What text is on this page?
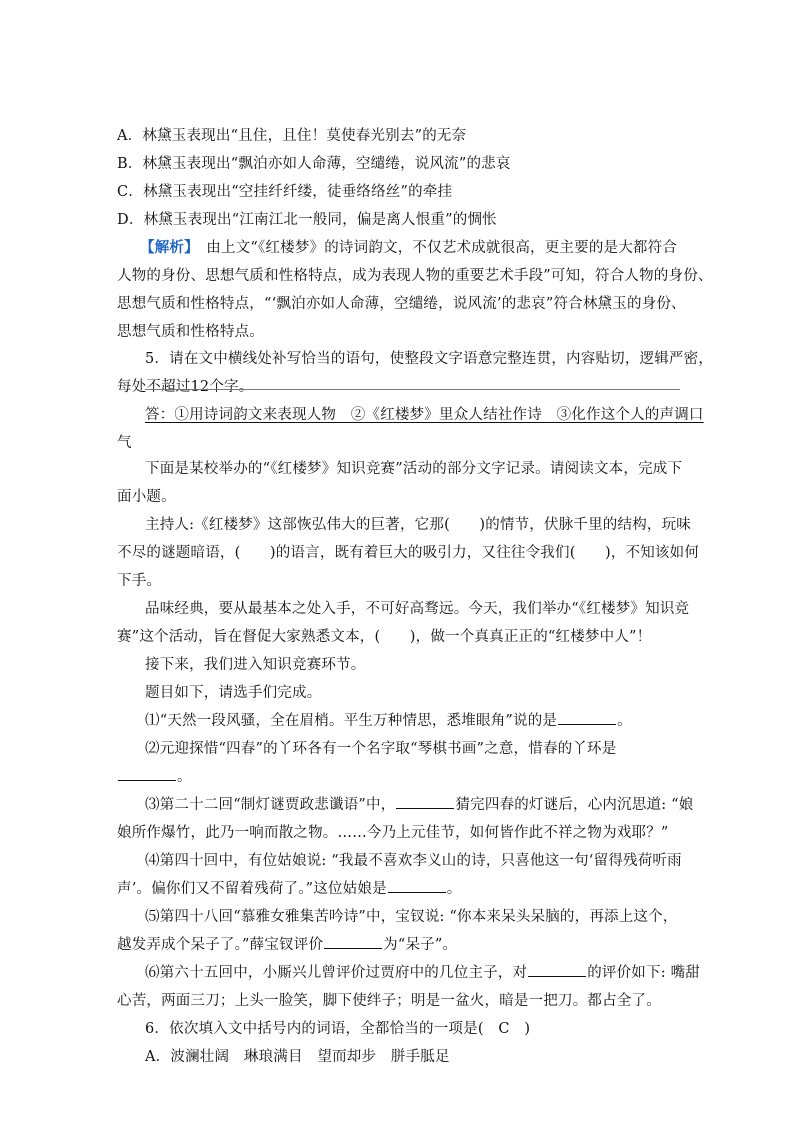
A．林黛玉表现出“且住，且住！莫使春光别去”的无奈
B．林黛玉表现出“飘泊亦如人命薄，空缱绻，说风流”的悲哀
C．林黛玉表现出“空挂纤纤缕，徒垂络络丝”的牵挂
D．林黛玉表现出“江南江北一般同，偏是离人恨重”的惆怅
【解析】　由上文“《红楼梦》的诗词韵文，不仅艺术成就很高，更主要的是大都符合
人物的身份、思想气质和性格特点，成为表现人物的重要艺术手段”可知，符合人物的身份、
思想气质和性格特点，“‘飘泊亦如人命薄，空缱绻，说风流’的悲哀”符合林黛玉的身份、
思想气质和性格特点。
5．请在文中横线处补写恰当的语句，使整段文字语意完整连贯，内容贴切，逻辑严密，
每处不超过12个字。
答：①用诗词韵文来表现人物　②《红楼梦》里众人结社作诗　③化作这个人的声调口
气
下面是某校举办的“《红楼梦》知识竞赛”活动的部分文字记录。请阅读文本，完成下
面小题。
主持人:《红楼梦》这部恢弘伟大的巨著，它那(　　)的情节，伏脉千里的结构，玩味
不尽的谜题暗语，(　　)的语言，既有着巨大的吸引力，又往往令我们(　　)，不知该如何
下手。
品味经典，要从最基本之处入手，不可好高骛远。今天，我们举办“《红楼梦》知识竞
赛”这个活动，旨在督促大家熟悉文本，(　　)，做一个真真正正的“红楼梦中人”！
接下来，我们进入知识竞赛环节。
题目如下，请选手们完成。
⑴“天然一段风骚，全在眉梢。平生万种情思，悉堆眼角”说的是	。
⑵元迎探惜“四春”的丫环各有一个名字取“琴棋书画”之意，惜春的丫环是
。
⑶第二十二回“制灯谜贾政悲谶语”中，	猜完四春的灯谜后，心内沉思道: “娘
娘所作爆竹，此乃一响而散之物。……今乃上元佳节，如何皆作此不祥之物为戏耶？”
⑷第四十回中，有位姑娘说: “我最不喜欢李义山的诗，只喜他这一句‘留得残荷听雨
声’。偏你们又不留着残荷了。”这位姑娘是	。
⑸第四十八回“慕雅女雅集苦吟诗”中，宝钗说: “你本来呆头呆脑的，再添上这个，
越发弄成个呆子了。”薛宝钗评价	为“呆子”。
⑹第六十五回中，小厮兴儿曾评价过贾府中的几位主子，对	的评价如下: 嘴甜
心苦，两面三刀；上头一脸笑，脚下使绊子；明是一盆火，暗是一把刀。都占全了。
6．依次填入文中括号内的词语，全都恰当的一项是(　C　)
A．波澜壮阔　琳琅满目　望而却步　胼手胝足
